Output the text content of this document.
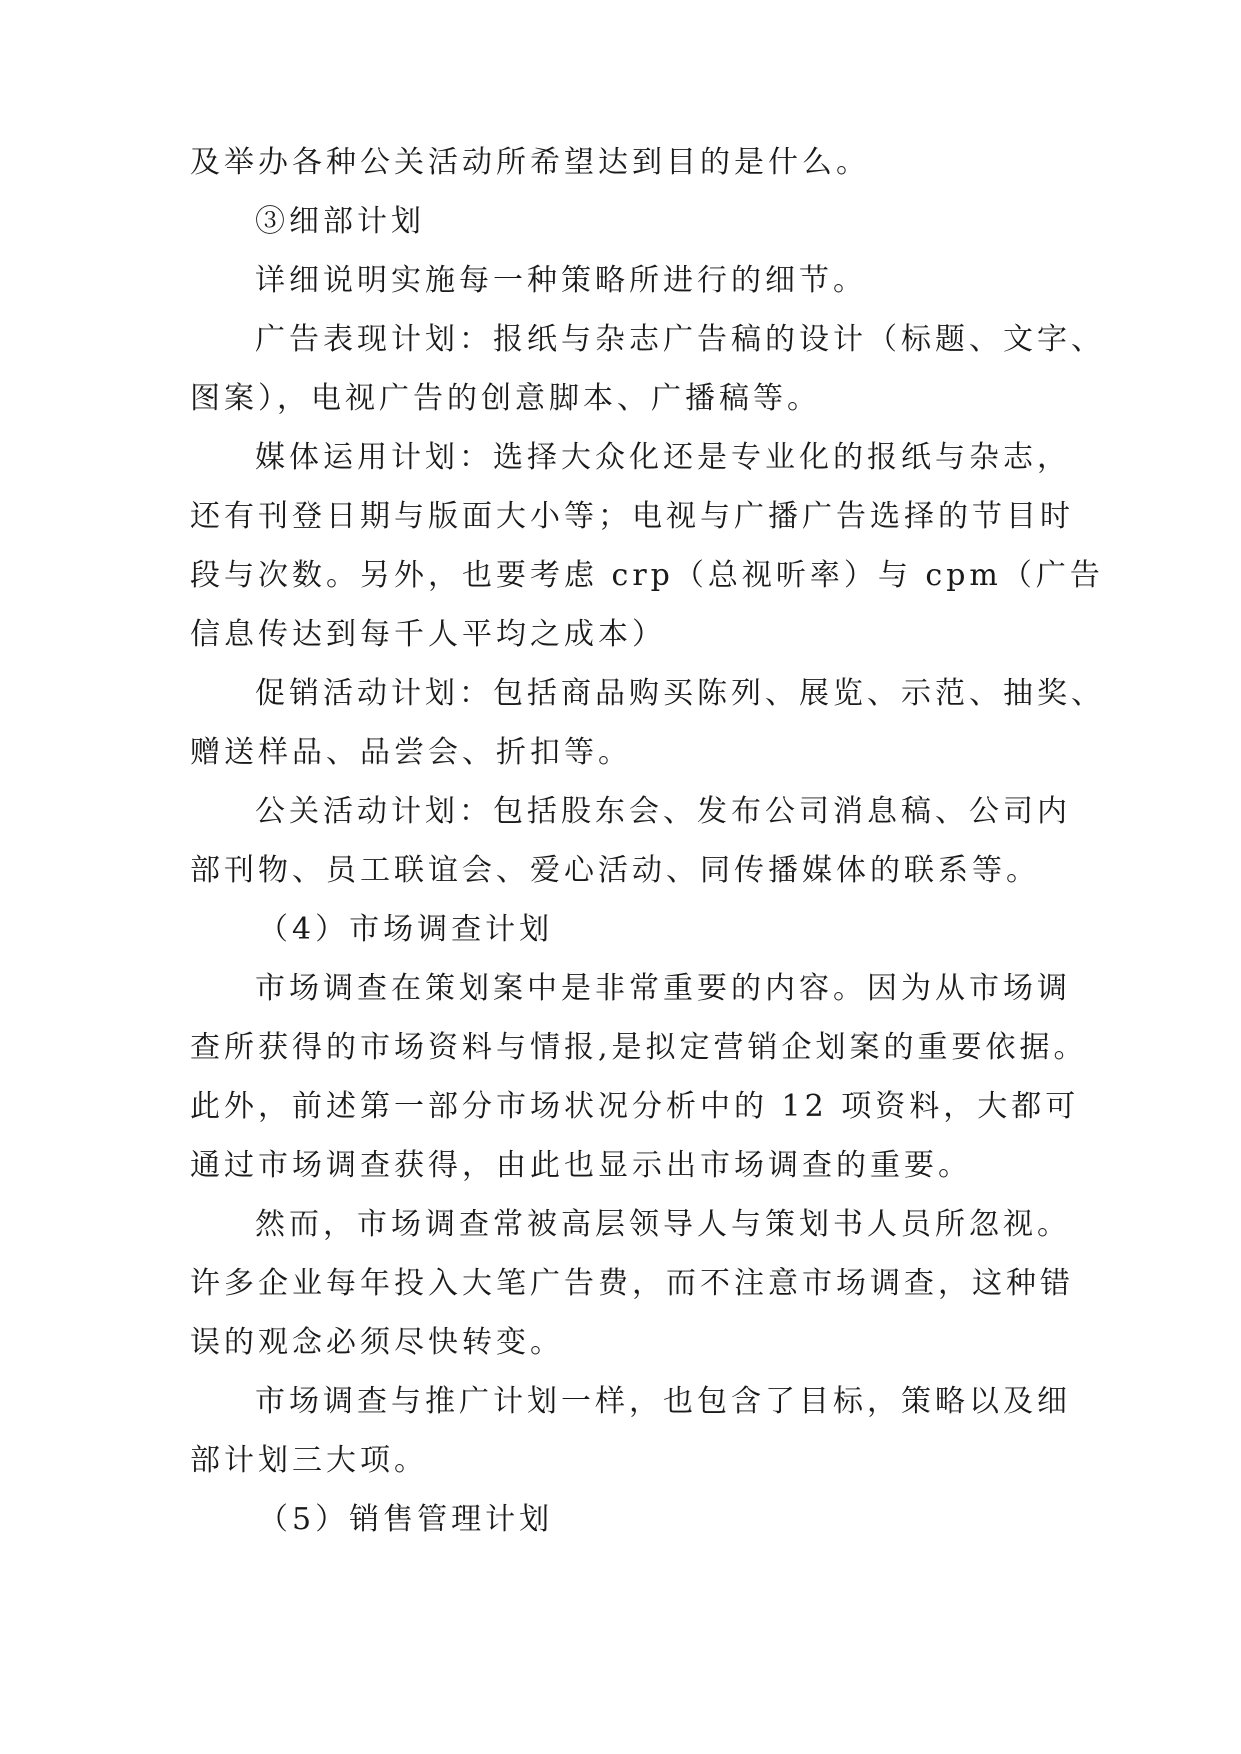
及举办各种公关活动所希望达到目的是什么。
③细部计划
详细说明实施每一种策略所进行的细节。
广告表现计划：报纸与杂志广告稿的设计（标题、文字、
图案），电视广告的创意脚本、广播稿等。
媒体运用计划：选择大众化还是专业化的报纸与杂志，
还有刊登日期与版面大小等；电视与广播广告选择的节目时
段与次数。另外，也要考虑 crp（总视听率）与 cpm（广告
信息传达到每千人平均之成本）
促销活动计划：包括商品购买陈列、展览、示范、抽奖、
赠送样品、品尝会、折扣等。
公关活动计划：包括股东会、发布公司消息稿、公司内
部刊物、员工联谊会、爱心活动、同传播媒体的联系等。
（4）市场调查计划
市场调查在策划案中是非常重要的内容。因为从市场调
查所获得的市场资料与情报,是拟定营销企划案的重要依据。
此外，前述第一部分市场状况分析中的 12 项资料，大都可
通过市场调查获得，由此也显示出市场调查的重要。
然而，市场调查常被高层领导人与策划书人员所忽视。
许多企业每年投入大笔广告费，而不注意市场调查，这种错
误的观念必须尽快转变。
市场调查与推广计划一样，也包含了目标，策略以及细
部计划三大项。
（5）销售管理计划
